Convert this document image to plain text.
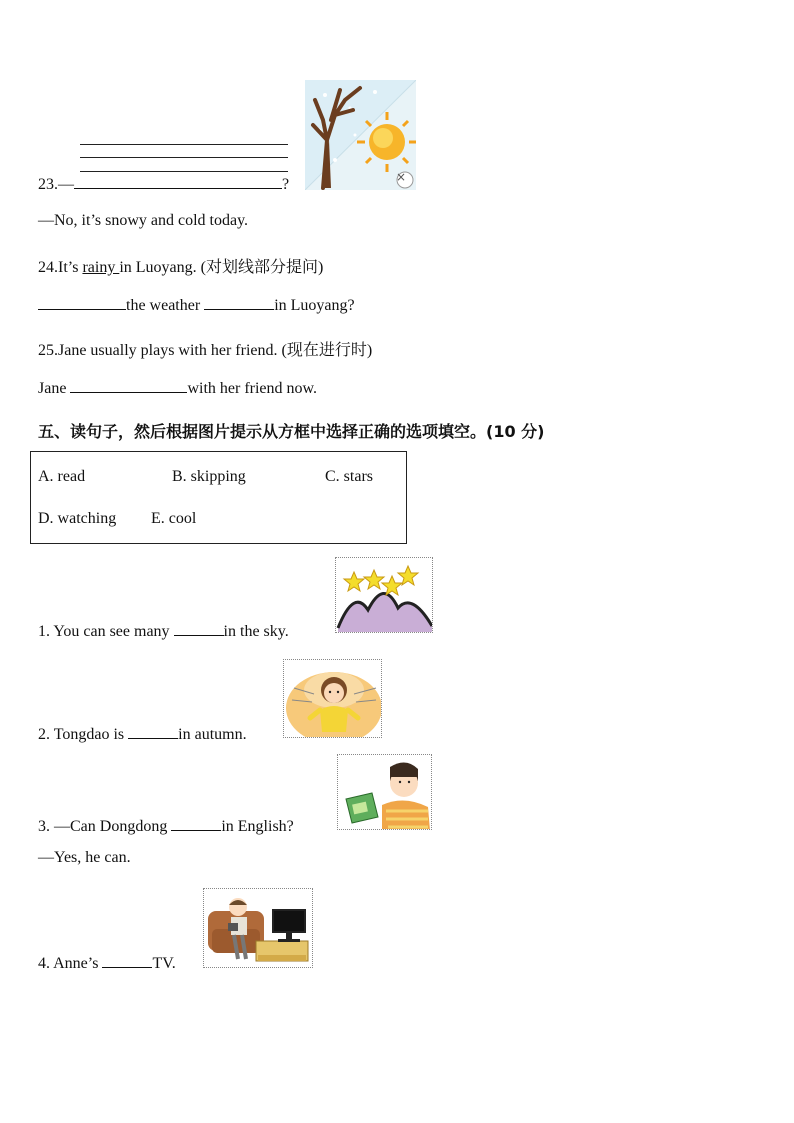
23.—	?	×
—No, it’s snowy and cold today.
24.It’s rainy in Luoyang. (对划线部分提问)
the weather	in Luoyang?
25.Jane usually plays with her friend. (现在进行时)
Jane	with her friend now.
五、读句子，然后根据图片提示从方框中选择正确的选项填空。(10 分)
A. read	B. skipping	C. stars
D. watching E. cool
1. You can see many	in the sky.
2. Tongdao is	in autumn.
3. —Can Dongdong	in English?
—Yes, he can.
4. Anne’s	TV.
